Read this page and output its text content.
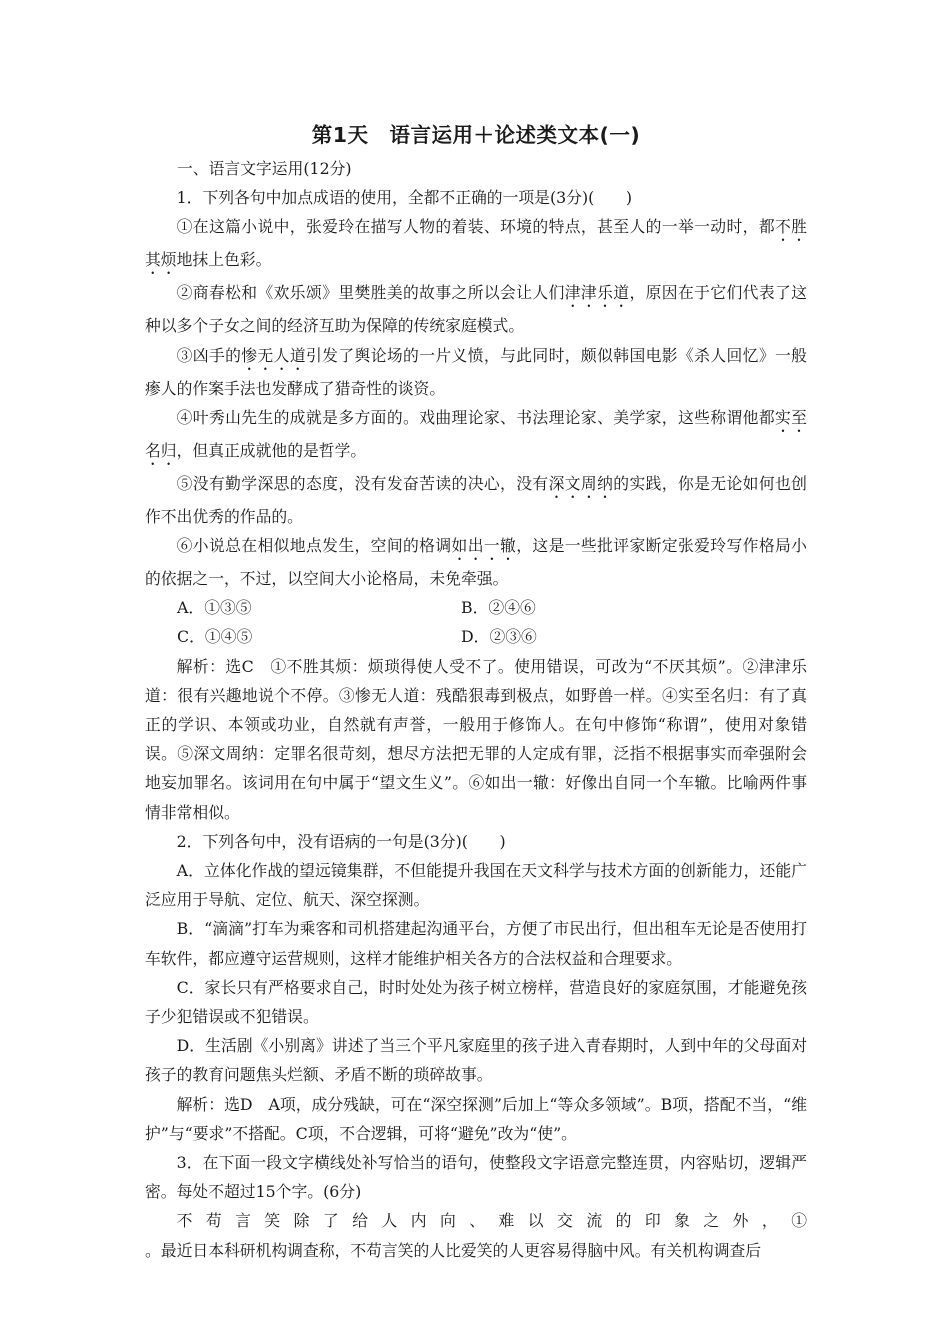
第1天　语言运用＋论述类文本(一)

一、语言文字运用(12分)

1．下列各句中加点成语的使用，全都不正确的一项是(3分)(　　)

①在这篇小说中，张爱玲在描写人物的着装、环境的特点，甚至人的一举一动时，都不胜其烦地抹上色彩。

②商春松和《欢乐颂》里樊胜美的故事之所以会让人们津津乐道，原因在于它们代表了这种以多个子女之间的经济互助为保障的传统家庭模式。

③凶手的惨无人道引发了舆论场的一片义愤，与此同时，颇似韩国电影《杀人回忆》一般瘆人的作案手法也发酵成了猎奇性的谈资。

④叶秀山先生的成就是多方面的。戏曲理论家、书法理论家、美学家，这些称谓他都实至名归，但真正成就他的是哲学。

⑤没有勤学深思的态度，没有发奋苦读的决心，没有深文周纳的实践，你是无论如何也创作不出优秀的作品的。

⑥小说总在相似地点发生，空间的格调如出一辙，这是一些批评家断定张爱玲写作格局小的依据之一，不过，以空间大小论格局，未免牵强。

A．①③⑤	B．②④⑥
C．①④⑤	D．②③⑥

解析：选C　①不胜其烦：烦琐得使人受不了。使用错误，可改为“不厌其烦”。②津津乐道：很有兴趣地说个不停。③惨无人道：残酷狠毒到极点，如野兽一样。④实至名归：有了真正的学识、本领或功业，自然就有声誉，一般用于修饰人。在句中修饰“称谓”，使用对象错误。⑤深文周纳：定罪名很苛刻，想尽方法把无罪的人定成有罪，泛指不根据事实而牵强附会地妄加罪名。该词用在句中属于“望文生义”。⑥如出一辙：好像出自同一个车辙。比喻两件事情非常相似。

2．下列各句中，没有语病的一句是(3分)(　　)

A．立体化作战的望远镜集群，不但能提升我国在天文科学与技术方面的创新能力，还能广泛应用于导航、定位、航天、深空探测。

B．“滴滴”打车为乘客和司机搭建起沟通平台，方便了市民出行，但出租车无论是否使用打车软件，都应遵守运营规则，这样才能维护相关各方的合法权益和合理要求。

C．家长只有严格要求自己，时时处处为孩子树立榜样，营造良好的家庭氛围，才能避免孩子少犯错误或不犯错误。

D．生活剧《小别离》讲述了当三个平凡家庭里的孩子进入青春期时，人到中年的父母面对孩子的教育问题焦头烂额、矛盾不断的琐碎故事。

解析：选D　A项，成分残缺，可在“深空探测”后加上“等众多领域”。B项，搭配不当，“维护”与“要求”不搭配。C项，不合逻辑，可将“避免”改为“使”。

3．在下面一段文字横线处补写恰当的语句，使整段文字语意完整连贯，内容贴切，逻辑严密。每处不超过15个字。(6分)

不苟言笑除了给人内向、难以交流的印象之外，①

。最近日本科研机构调查称，不苟言笑的人比爱笑的人更容易得脑中风。有关机构调查后
